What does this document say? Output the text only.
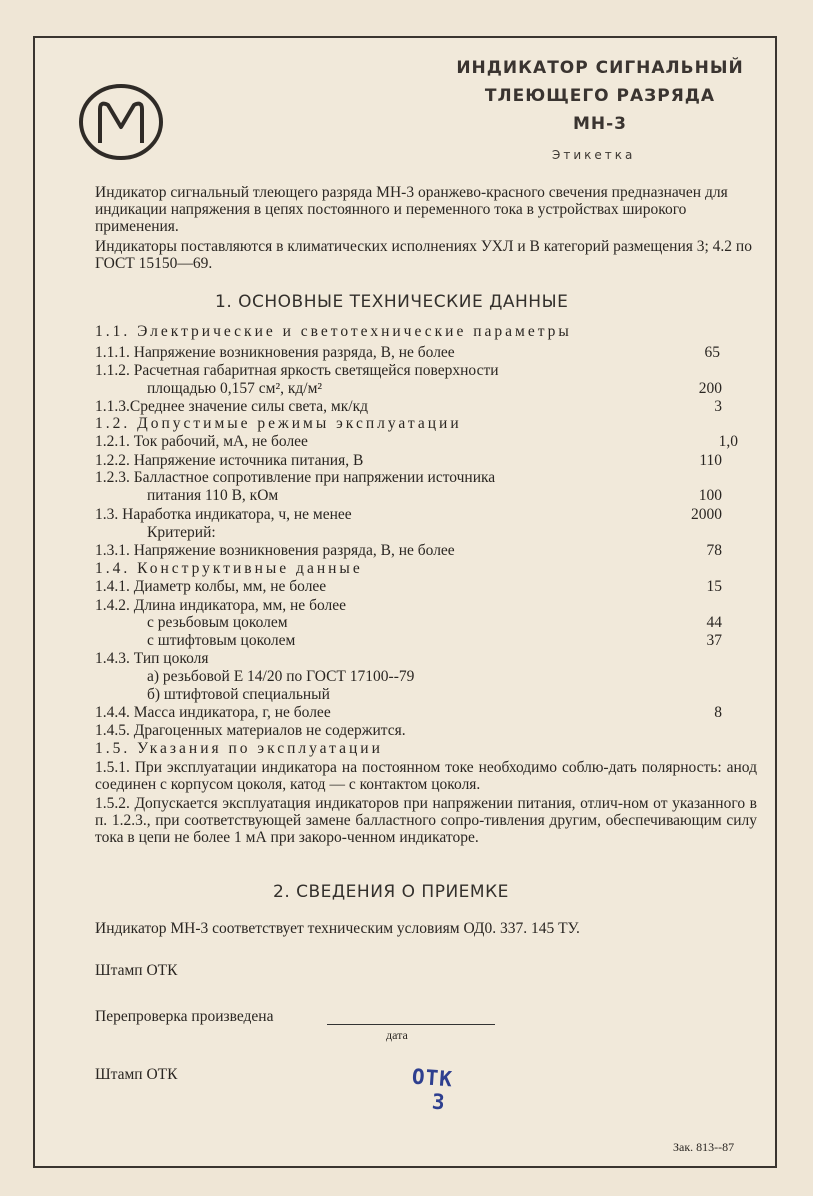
ИНДИКАТОР СИГНАЛЬНЫЙ
ТЛЕЮЩЕГО РАЗРЯДА
МН-3
Этикетка
Индикатор сигнальный тлеющего разряда МН-3 оранжево-красного свечения предназначен для индикации напряжения в цепях постоянного и переменного тока в устройствах широкого применения.
Индикаторы поставляются в климатических исполнениях УХЛ и В категорий размещения 3; 4.2 по ГОСТ 15150—69.
1. ОСНОВНЫЕ ТЕХНИЧЕСКИЕ ДАННЫЕ
1.1. Электрические и светотехнические параметры
1.1.1. Напряжение возникновения разряда, В, не более	65
1.1.2. Расчетная габаритная яркость светящейся поверхности
площадью 0,157 см², кд/м²	200
1.1.3.Среднее значение силы света, мк/кд	3
1.2. Допустимые режимы эксплуатации
1.2.1. Ток рабочий, мА, не более	1,0
1.2.2. Напряжение источника питания, В	110
1.2.3. Балластное сопротивление при напряжении источника
питания 110 В, кОм	100
1.3. Наработка индикатора, ч, не менее	2000
Критерий:
1.3.1. Напряжение возникновения разряда, В, не более	78
1.4. Конструктивные данные
1.4.1. Диаметр колбы, мм, не более	15
1.4.2. Длина индикатора, мм, не более
с резьбовым цоколем	44
с штифтовым цоколем	37
1.4.3. Тип цоколя
а) резьбовой Е 14/20 по ГОСТ 17100--79
б) штифтовой специальный
1.4.4. Масса индикатора, г, не более	8
1.4.5. Драгоценных материалов не содержится.
1.5. Указания по эксплуатации
1.5.1. При эксплуатации индикатора на постоянном токе необходимо соблю-дать полярность: анод соединен с корпусом цоколя, катод — с контактом цоколя.
1.5.2. Допускается эксплуатация индикаторов при напряжении питания, отлич-ном от указанного в п. 1.2.3., при соответствующей замене балластного сопро-тивления другим, обеспечивающим силу тока в цепи не более 1 мА при закоро-ченном индикаторе.
2. СВЕДЕНИЯ О ПРИЕМКЕ
Индикатор МН-3 соответствует техническим условиям ОД0. 337. 145 ТУ.
Штамп ОТК
Перепроверка произведена
дата
Штамп ОТК	ОТК
3
Зак. 813--87
